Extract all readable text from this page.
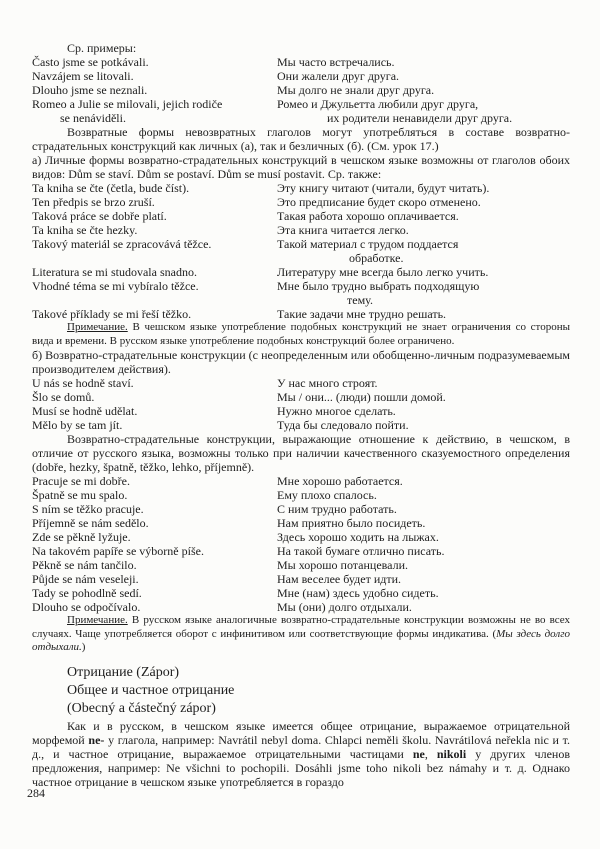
Ср. примеры:

Často jsme se potkávali.	Мы часто встречались.
Navzájem se litovali.	Они жалели друг друга.
Dlouho jsme se neznali.	Мы долго не знали друг друга.
Romeo a Julie se milovali, jejich rodiče	Ромео и Джульетта любили друг друга,
se nenáviděli.	их родители ненавидели друг друга.

Возвратные формы невозвратных глаголов могут употребляться в составе возвратно-страдательных конструкций как личных (а), так и безличных (б). (См. урок 17.)

а) Личные формы возвратно-страдательных конструкций в чешском языке возможны от глаголов обоих видов: Dům se staví. Dům se postaví. Dům se musí postavit. Ср. также:

Ta kniha se čte (četla, bude číst).	Эту книгу читают (читали, будут читать).
Ten předpis se brzo zruší.	Это предписание будет скоро отменено.
Taková práce se dobře platí.	Такая работа хорошо оплачивается.
Ta kniha se čte hezky.	Эта книга читается легко.
Takový materiál se zpracovává těžce.	Такой материал с трудом поддается
обработке.
Literatura se mi studovala snadno.	Литературу мне всегда было легко учить.
Vhodné téma se mi vybíralo těžce.	Мне было трудно выбрать подходящую
тему.
Takové příklady se mi řeší těžko.	Такие задачи мне трудно решать.

Примечание. В чешском языке употребление подобных конструкций не знает ограничения со стороны вида и времени. В русском языке употребление подобных конструкций более ограничено.

б) Возвратно-страдательные конструкции (с неопределенным или обобщенно-личным подразумеваемым производителем действия).

U nás se hodně staví.	У нас много строят.
Šlo se domů.	Мы / они... (люди) пошли домой.
Musí se hodně udělat.	Нужно многое сделать.
Mělo by se tam jít.	Туда бы следовало пойти.

Возвратно-страдательные конструкции, выражающие отношение к действию, в чешском, в отличие от русского языка, возможны только при наличии качественного сказуемостного определения (dobře, hezky, špatně, těžko, lehko, příjemně).

Pracuje se mi dobře.	Мне хорошо работается.
Špatně se mu spalo.	Ему плохо спалось.
S ním se těžko pracuje.	С ним трудно работать.
Příjemně se nám sedělo.	Нам приятно было посидеть.
Zde se pěkně lyžuje.	Здесь хорошо ходить на лыжах.
Na takovém papíře se výborně píše.	На такой бумаге отлично писать.
Pěkně se nám tančilo.	Мы хорошо потанцевали.
Půjde se nám veseleji.	Нам веселее будет идти.
Tady se pohodlně sedí.	Мне (нам) здесь удобно сидеть.
Dlouho se odpočívalo.	Мы (они) долго отдыхали.

Примечание. В русском языке аналогичные возвратно-страдательные конструкции возможны не во всех случаях. Чаще употребляется оборот с инфинитивом или соответствующие формы индикатива. (Мы здесь долго отдыхали.)

Отрицание (Zápor)
Общее и частное отрицание
(Obecný a částečný zápor)

Как и в русском, в чешском языке имеется общее отрицание, выражаемое отрицательной морфемой ne- у глагола, например: Navrátil nebyl doma. Chlapci neměli školu. Navrátilová neřekla nic и т. д., и частное отрицание, выражаемое отрицательными частицами ne, nikoli у других членов предложения, например: Ne všichni to pochopili. Dosáhli jsme toho nikoli bez námahy и т. д. Однако частное отрицание в чешском языке употребляется в гораздо

284
